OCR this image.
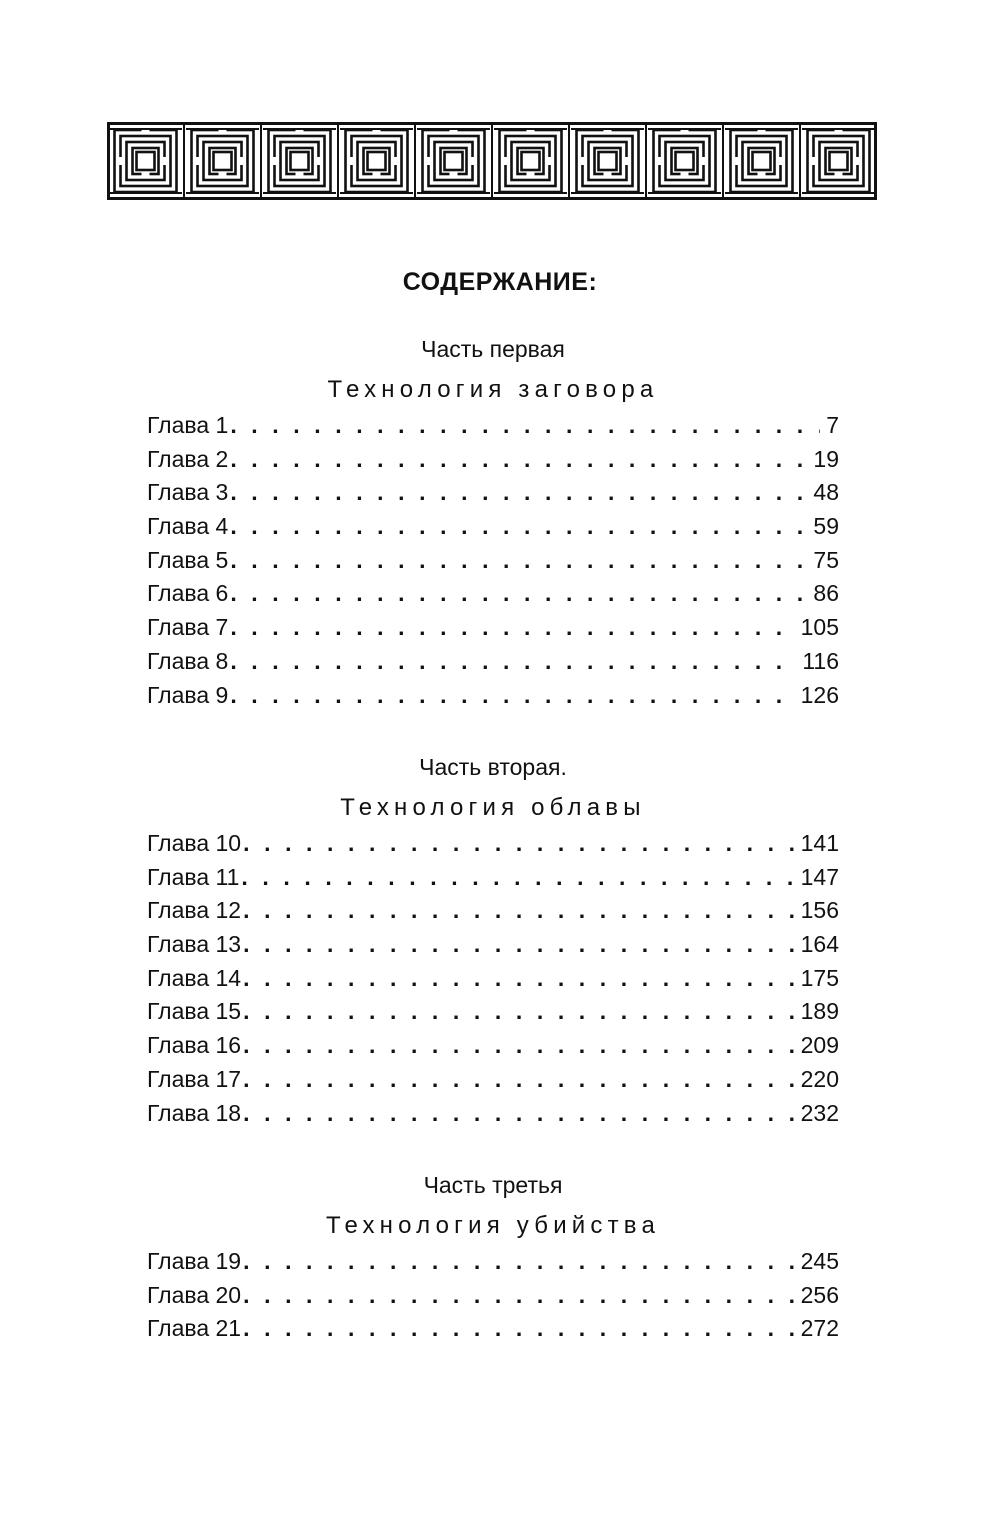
СОДЕРЖАНИЕ:
Часть первая
Технология заговора
Глава 1 . . .	7
Глава 2 . . .	19
Глава 3 . . .	48
Глава 4 . . .	59
Глава 5 . . .	75
Глава 6 . . .	86
Глава 7 . . .	105
Глава 8 . . .	116
Глава 9 . . .	126
Часть вторая.
Технология облавы
Глава 10 . . .	141
Глава 11 . . .	147
Глава 12 . . .	156
Глава 13 . . .	164
Глава 14 . . .	175
Глава 15 . . .	189
Глава 16 . . .	209
Глава 17 . . .	220
Глава 18 . . .	232
Часть третья
Технология убийства
Глава 19 . . .	245
Глава 20 . . .	256
Глава 21 . . .	272
